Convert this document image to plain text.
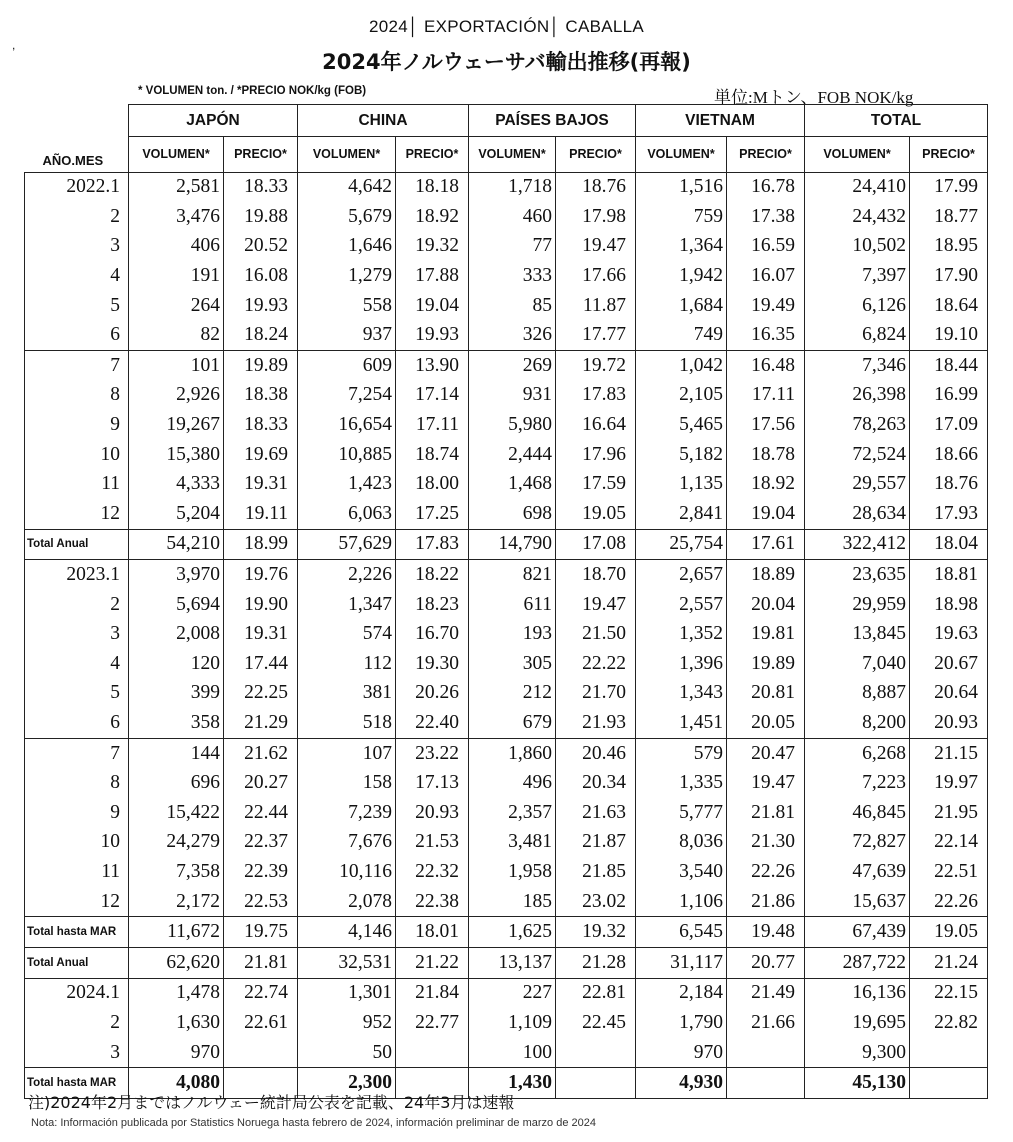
,
2024│ EXPORTACIÓN│ CABALLA
2024年ノルウェーサバ輸出推移(再報)
* VOLUMEN ton. / *PRECIO NOK/kg (FOB)	単位:Mトン、FOB NOK/kg
	JAPÓN		CHINA		PAÍSES BAJOS		VIETNAM		TOTAL	
AÑO.MES	VOLUMEN*	PRECIO*	VOLUMEN*	PRECIO*	VOLUMEN*	PRECIO*	VOLUMEN*	PRECIO*	VOLUMEN*	PRECIO*
2022.1	2,581	18.33	4,642	18.18	1,718	18.76	1,516	16.78	24,410	17.99
2	3,476	19.88	5,679	18.92	460	17.98	759	17.38	24,432	18.77
3	406	20.52	1,646	19.32	77	19.47	1,364	16.59	10,502	18.95
4	191	16.08	1,279	17.88	333	17.66	1,942	16.07	7,397	17.90
5	264	19.93	558	19.04	85	11.87	1,684	19.49	6,126	18.64
6	82	18.24	937	19.93	326	17.77	749	16.35	6,824	19.10
7	101	19.89	609	13.90	269	19.72	1,042	16.48	7,346	18.44
8	2,926	18.38	7,254	17.14	931	17.83	2,105	17.11	26,398	16.99
9	19,267	18.33	16,654	17.11	5,980	16.64	5,465	17.56	78,263	17.09
10	15,380	19.69	10,885	18.74	2,444	17.96	5,182	18.78	72,524	18.66
11	4,333	19.31	1,423	18.00	1,468	17.59	1,135	18.92	29,557	18.76
12	5,204	19.11	6,063	17.25	698	19.05	2,841	19.04	28,634	17.93
Total Anual	54,210	18.99	57,629	17.83	14,790	17.08	25,754	17.61	322,412	18.04
2023.1	3,970	19.76	2,226	18.22	821	18.70	2,657	18.89	23,635	18.81
2	5,694	19.90	1,347	18.23	611	19.47	2,557	20.04	29,959	18.98
3	2,008	19.31	574	16.70	193	21.50	1,352	19.81	13,845	19.63
4	120	17.44	112	19.30	305	22.22	1,396	19.89	7,040	20.67
5	399	22.25	381	20.26	212	21.70	1,343	20.81	8,887	20.64
6	358	21.29	518	22.40	679	21.93	1,451	20.05	8,200	20.93
7	144	21.62	107	23.22	1,860	20.46	579	20.47	6,268	21.15
8	696	20.27	158	17.13	496	20.34	1,335	19.47	7,223	19.97
9	15,422	22.44	7,239	20.93	2,357	21.63	5,777	21.81	46,845	21.95
10	24,279	22.37	7,676	21.53	3,481	21.87	8,036	21.30	72,827	22.14
11	7,358	22.39	10,116	22.32	1,958	21.85	3,540	22.26	47,639	22.51
12	2,172	22.53	2,078	22.38	185	23.02	1,106	21.86	15,637	22.26
Total hasta MAR	11,672	19.75	4,146	18.01	1,625	19.32	6,545	19.48	67,439	19.05
Total Anual	62,620	21.81	32,531	21.22	13,137	21.28	31,117	20.77	287,722	21.24
2024.1	1,478	22.74	1,301	21.84	227	22.81	2,184	21.49	16,136	22.15
2	1,630	22.61	952	22.77	1,109	22.45	1,790	21.66	19,695	22.82
3	970		50		100		970		9,300	
Total hasta MAR	4,080		2,300		1,430		4,930		45,130	
注)2024年2月まではノルウェー統計局公表を記載、24年3月は速報
Nota: Información publicada por Statistics Noruega hasta febrero de 2024, información preliminar de marzo de 2024
